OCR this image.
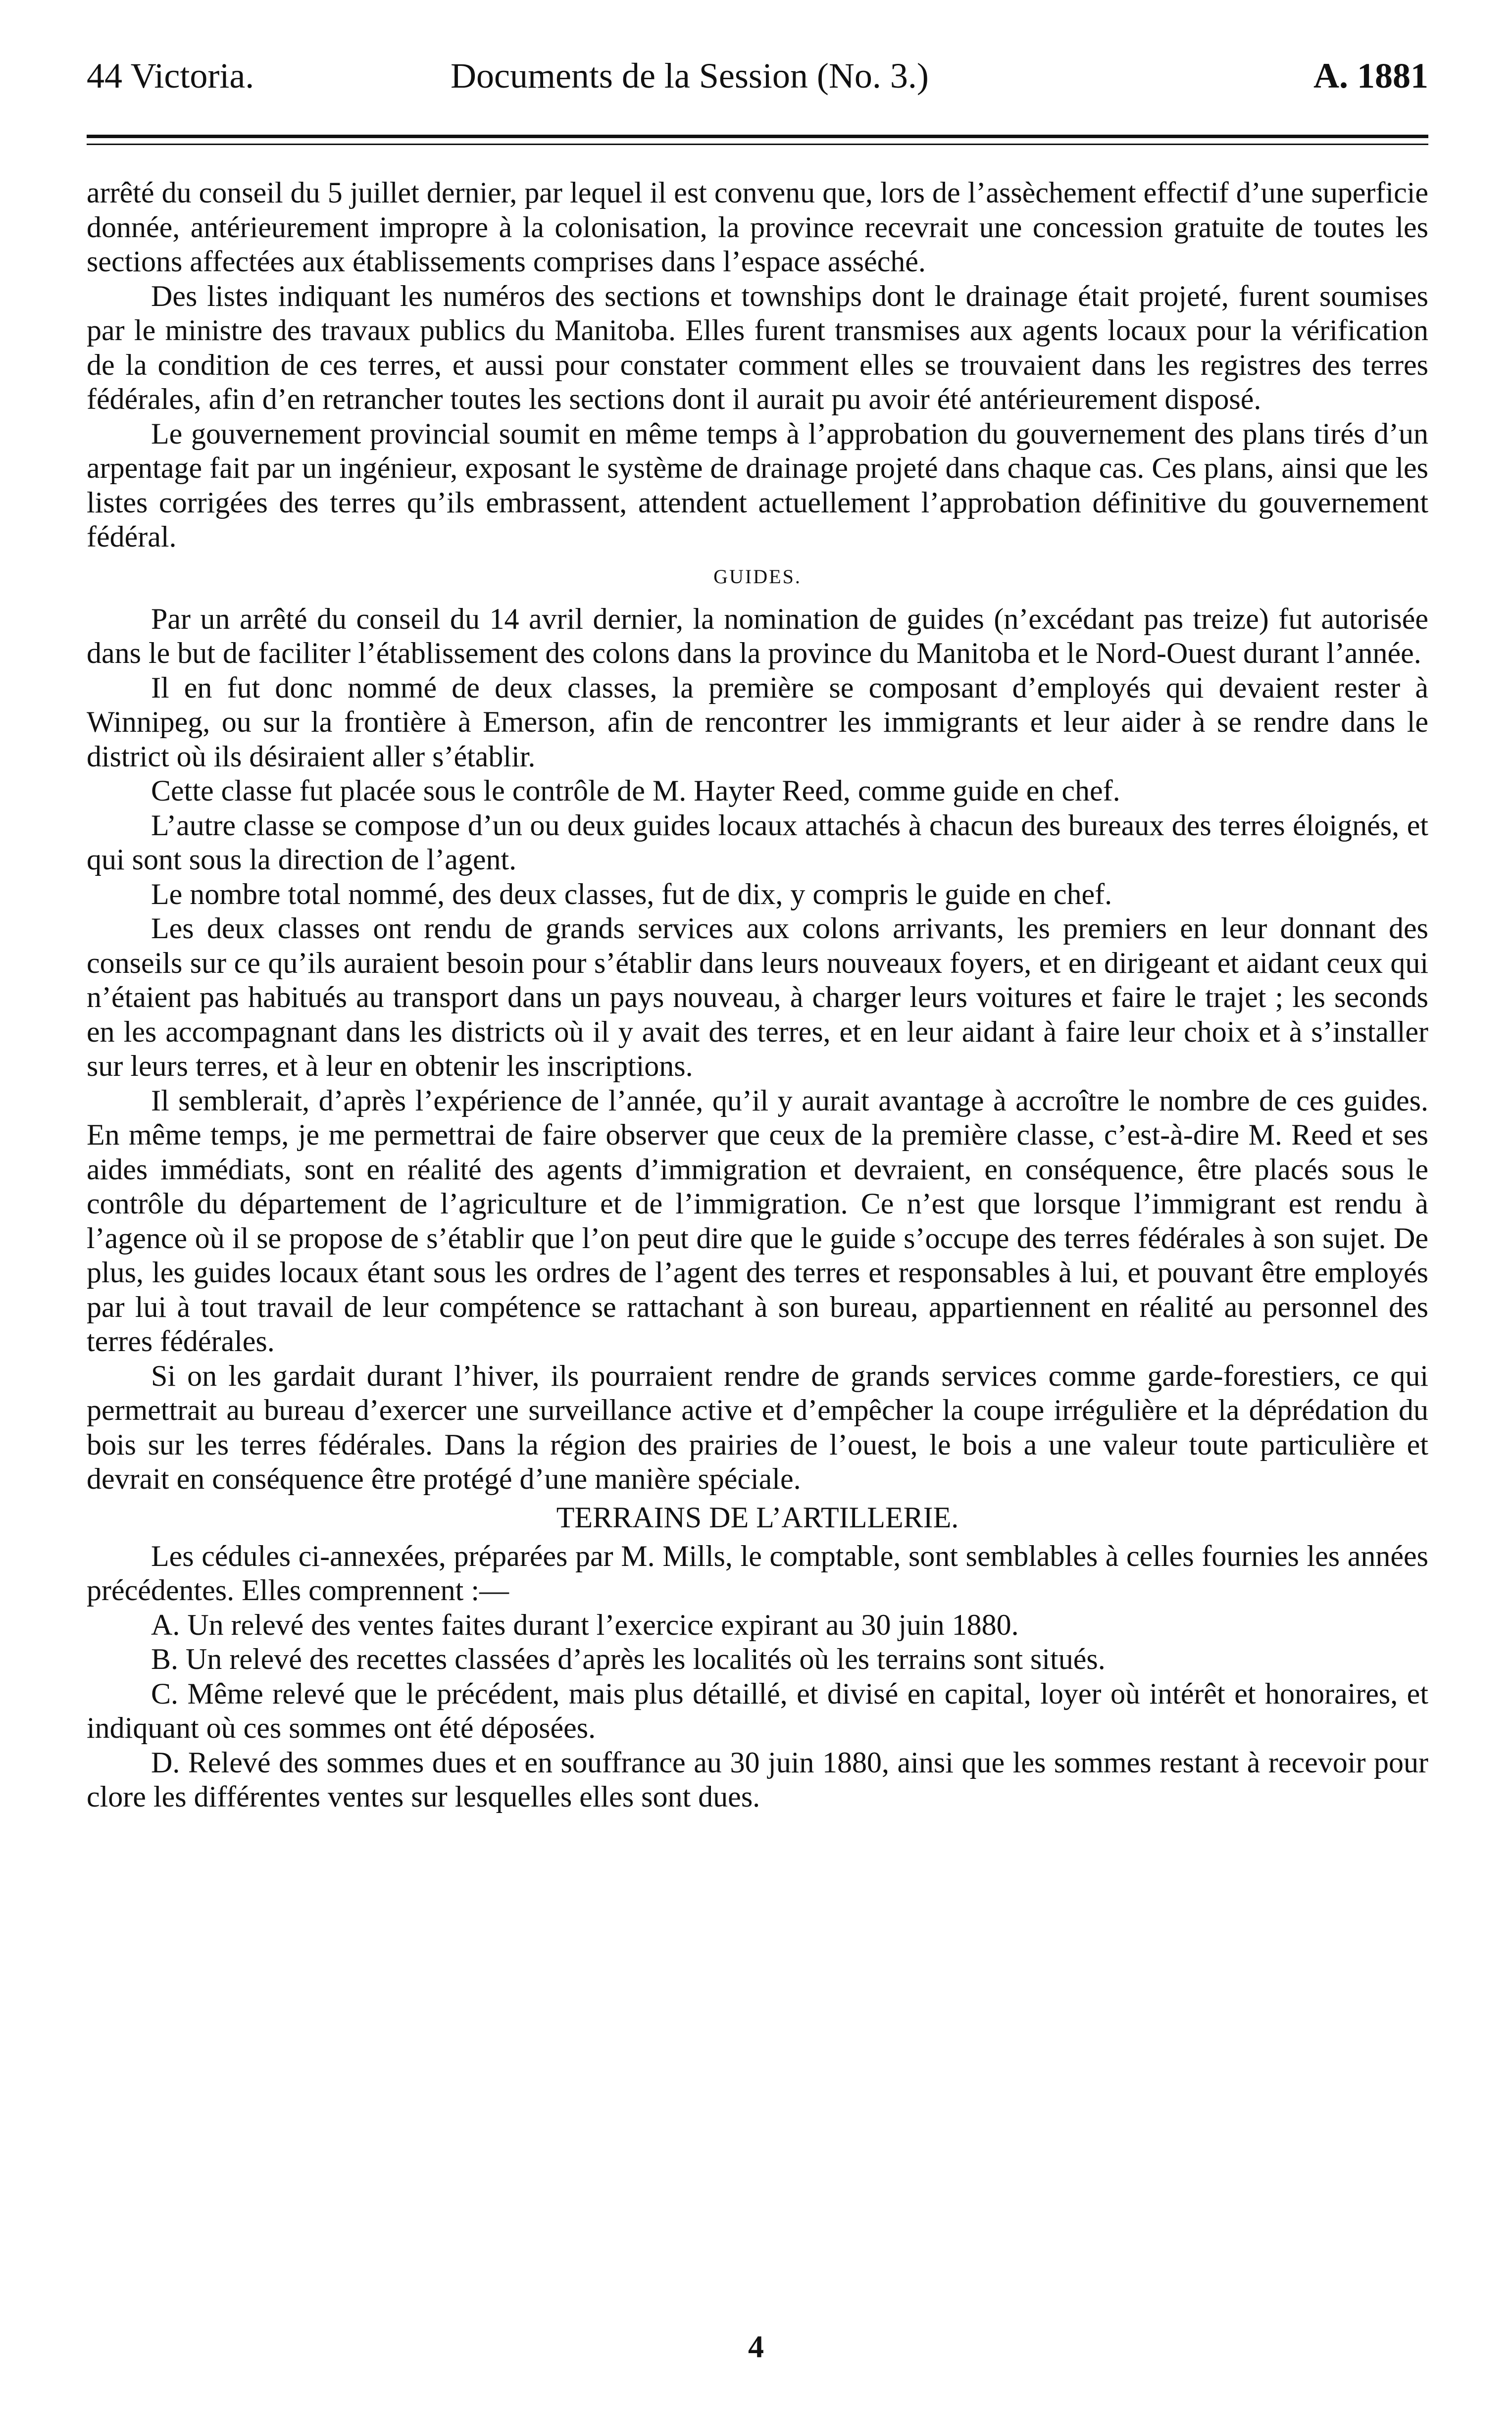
44 Victoria.	Documents de la Session (No. 3.)	A. 1881

arrêté du conseil du 5 juillet dernier, par lequel il est convenu que, lors de l’assèchement effectif d’une superficie donnée, antérieurement impropre à la colonisation, la province recevrait une concession gratuite de toutes les sections affectées aux établissements comprises dans l’espace asséché.

Des listes indiquant les numéros des sections et townships dont le drainage était projeté, furent soumises par le ministre des travaux publics du Manitoba. Elles furent transmises aux agents locaux pour la vérification de la condition de ces terres, et aussi pour constater comment elles se trouvaient dans les registres des terres fédérales, afin d’en retrancher toutes les sections dont il aurait pu avoir été antérieurement disposé.

Le gouvernement provincial soumit en même temps à l’approbation du gouvernement des plans tirés d’un arpentage fait par un ingénieur, exposant le système de drainage projeté dans chaque cas. Ces plans, ainsi que les listes corrigées des terres qu’ils embrassent, attendent actuellement l’approbation définitive du gouvernement fédéral.

GUIDES.

Par un arrêté du conseil du 14 avril dernier, la nomination de guides (n’excédant pas treize) fut autorisée dans le but de faciliter l’établissement des colons dans la province du Manitoba et le Nord-Ouest durant l’année.

Il en fut donc nommé de deux classes, la première se composant d’employés qui devaient rester à Winnipeg, ou sur la frontière à Emerson, afin de rencontrer les immigrants et leur aider à se rendre dans le district où ils désiraient aller s’établir.

Cette classe fut placée sous le contrôle de M. Hayter Reed, comme guide en chef.

L’autre classe se compose d’un ou deux guides locaux attachés à chacun des bureaux des terres éloignés, et qui sont sous la direction de l’agent.

Le nombre total nommé, des deux classes, fut de dix, y compris le guide en chef.

Les deux classes ont rendu de grands services aux colons arrivants, les premiers en leur donnant des conseils sur ce qu’ils auraient besoin pour s’établir dans leurs nouveaux foyers, et en dirigeant et aidant ceux qui n’étaient pas habitués au transport dans un pays nouveau, à charger leurs voitures et faire le trajet ; les seconds en les accompagnant dans les districts où il y avait des terres, et en leur aidant à faire leur choix et à s’installer sur leurs terres, et à leur en obtenir les inscriptions.

Il semblerait, d’après l’expérience de l’année, qu’il y aurait avantage à accroître le nombre de ces guides. En même temps, je me permettrai de faire observer que ceux de la première classe, c’est-à-dire M. Reed et ses aides immédiats, sont en réalité des agents d’immigration et devraient, en conséquence, être placés sous le contrôle du département de l’agriculture et de l’immigration. Ce n’est que lorsque l’immigrant est rendu à l’agence où il se propose de s’établir que l’on peut dire que le guide s’occupe des terres fédérales à son sujet. De plus, les guides locaux étant sous les ordres de l’agent des terres et responsables à lui, et pouvant être employés par lui à tout travail de leur compétence se rattachant à son bureau, appartiennent en réalité au personnel des terres fédérales.

Si on les gardait durant l’hiver, ils pourraient rendre de grands services comme garde-forestiers, ce qui permettrait au bureau d’exercer une surveillance active et d’empêcher la coupe irrégulière et la déprédation du bois sur les terres fédérales. Dans la région des prairies de l’ouest, le bois a une valeur toute particulière et devrait en conséquence être protégé d’une manière spéciale.

TERRAINS DE L’ARTILLERIE.

Les cédules ci-annexées, préparées par M. Mills, le comptable, sont semblables à celles fournies les années précédentes. Elles comprennent :—

A. Un relevé des ventes faites durant l’exercice expirant au 30 juin 1880.

B. Un relevé des recettes classées d’après les localités où les terrains sont situés.

C. Même relevé que le précédent, mais plus détaillé, et divisé en capital, loyer où intérêt et honoraires, et indiquant où ces sommes ont été déposées.

D. Relevé des sommes dues et en souffrance au 30 juin 1880, ainsi que les sommes restant à recevoir pour clore les différentes ventes sur lesquelles elles sont dues.

4
